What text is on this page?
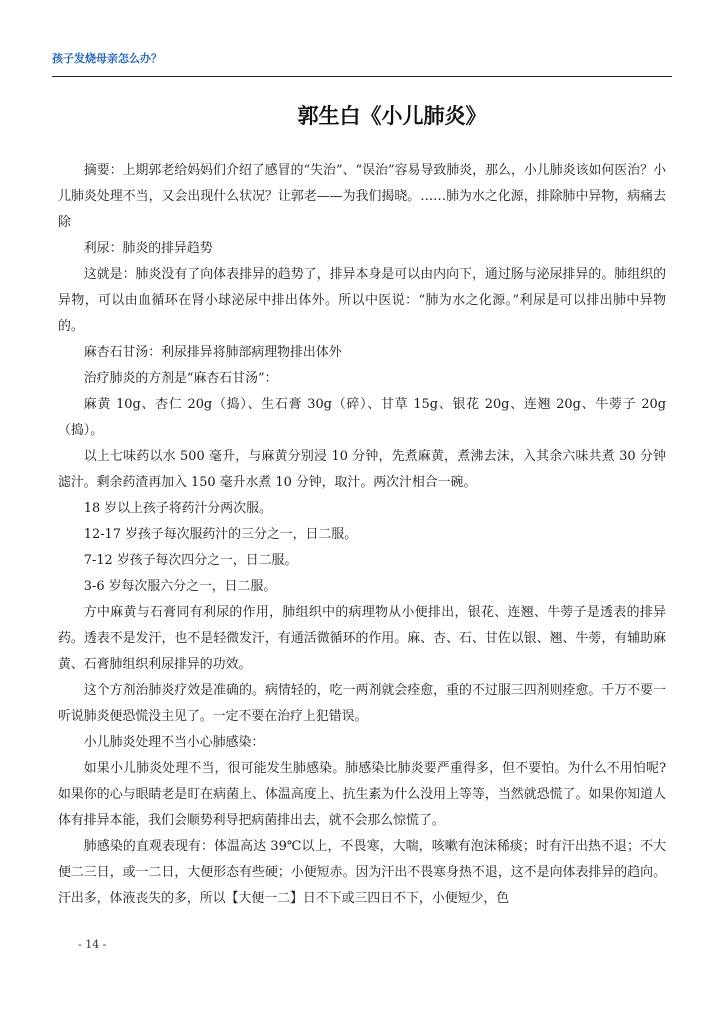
孩子发烧母亲怎么办？
郭生白《小儿肺炎》

摘要：上期郭老给妈妈们介绍了感冒的“失治”、“误治”容易导致肺炎，那么，小儿肺炎该如何医治？小儿肺炎处理不当，又会出现什么状况？让郭老——为我们揭晓。……肺为水之化源，排除肺中异物，病痛去除

利尿：肺炎的排异趋势

这就是：肺炎没有了向体表排异的趋势了，排异本身是可以由内向下，通过肠与泌尿排异的。肺组织的异物，可以由血循环在肾小球泌尿中排出体外。所以中医说：“肺为水之化源。”利尿是可以排出肺中异物的。

麻杏石甘汤：利尿排异将肺部病理物排出体外

治疗肺炎的方剂是“麻杏石甘汤”：

麻黄 10g、杏仁 20g（捣）、生石膏 30g（碎）、甘草 15g、银花 20g、连翘 20g、牛蒡子 20g（捣）。

以上七味药以水 500 毫升，与麻黄分别浸 10 分钟，先煮麻黄，煮沸去沫，入其余六味共煮 30 分钟滤汁。剩余药渣再加入 150 毫升水煮 10 分钟，取汁。两次汁相合一碗。

18 岁以上孩子将药汁分两次服。

12-17 岁孩子每次服药汁的三分之一，日二服。

7-12 岁孩子每次四分之一，日二服。

3-6 岁每次服六分之一，日二服。

方中麻黄与石膏同有利尿的作用，肺组织中的病理物从小便排出，银花、连翘、牛蒡子是透表的排异药。透表不是发汗，也不是轻微发汗，有通活微循环的作用。麻、杏、石、甘佐以银、翘、牛蒡，有辅助麻黄、石膏肺组织利尿排异的功效。

这个方剂治肺炎疗效是准确的。病情轻的，吃一两剂就会痊愈，重的不过服三四剂则痊愈。千万不要一听说肺炎便恐慌没主见了。一定不要在治疗上犯错误。

小儿肺炎处理不当小心肺感染：

如果小儿肺炎处理不当，很可能发生肺感染。肺感染比肺炎要严重得多，但不要怕。为什么不用怕呢?如果你的心与眼睛老是盯在病菌上、体温高度上、抗生素为什么没用上等等，当然就恐慌了。如果你知道人体有排异本能，我们会顺势利导把病菌排出去，就不会那么惊慌了。

肺感染的直观表现有：体温高达 39℃以上，不畏寒，大喘，咳嗽有泡沫稀痰；时有汗出热不退；不大便二三日，或一二日，大便形态有些硬；小便短赤。因为汗出不畏寒身热不退，这不是向体表排异的趋向。汗出多，体液丧失的多，所以【大便一二】日不下或三四日不下，小便短少，色

- 14 -
